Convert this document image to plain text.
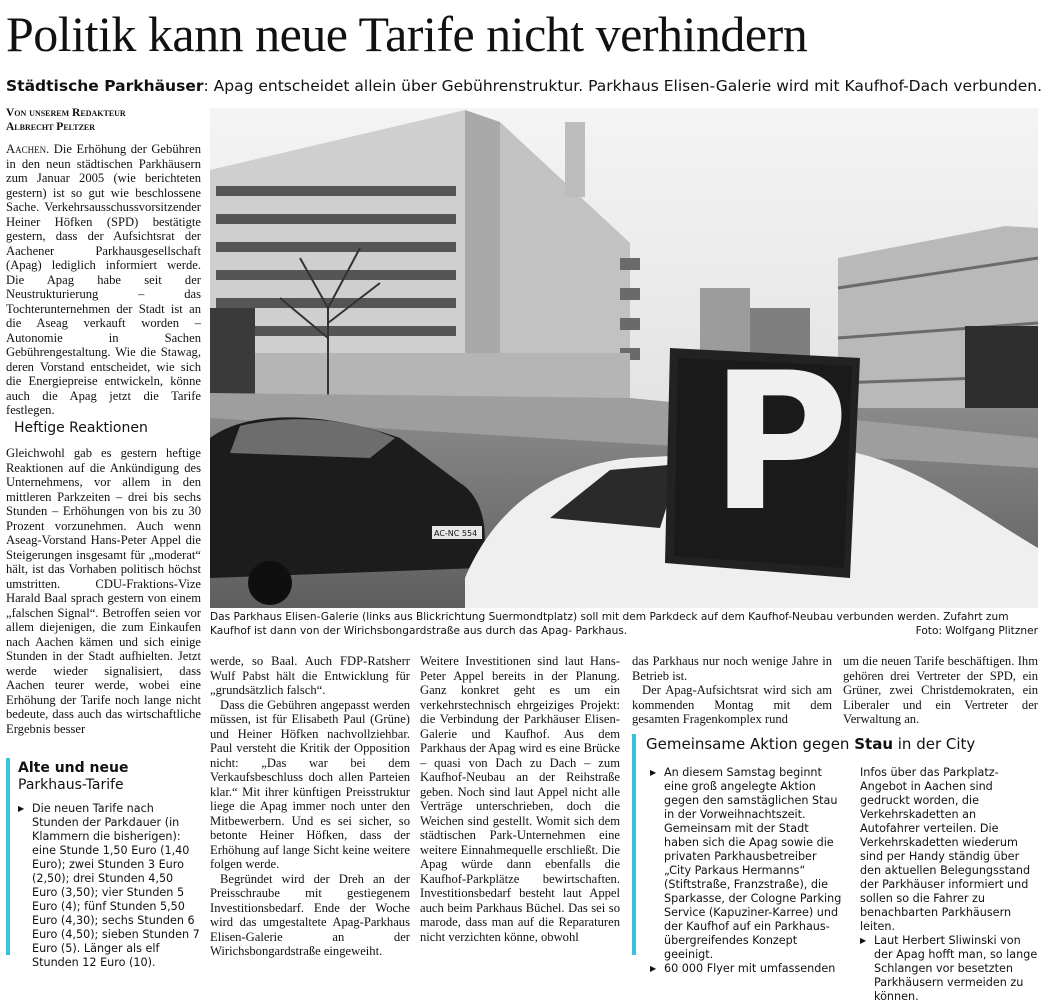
Politik kann neue Tarife nicht verhindern
Städtische Parkhäuser: Apag entscheidet allein über Gebührenstruktur. Parkhaus Elisen-Galerie wird mit Kaufhof-Dach verbunden.
Von unserem Redakteur
Albrecht Peltzer

Aachen. Die Erhöhung der Gebühren in den neun städtischen Parkhäusern zum Januar 2005 (wie berichteten gestern) ist so gut wie beschlossene Sache. Verkehrsausschussvorsitzender Heiner Höfken (SPD) bestätigte gestern, dass der Aufsichtsrat der Aachener Parkhausgesellschaft (Apag) lediglich informiert werde. Die Apag habe seit der Neustrukturierung – das Tochterunternehmen der Stadt ist an die Aseag verkauft worden – Autonomie in Sachen Gebührengestaltung. Wie die Stawag, deren Vorstand entscheidet, wie sich die Energiepreise entwickeln, könne auch die Apag jetzt die Tarife festlegen.

Heftige Reaktionen

Gleichwohl gab es gestern heftige Reaktionen auf die Ankündigung des Unternehmens, vor allem in den mittleren Parkzeiten – drei bis sechs Stunden – Erhöhungen von bis zu 30 Prozent vorzunehmen. Auch wenn Aseag-Vorstand Hans-Peter Appel die Steigerungen insgesamt für „moderat“ hält, ist das Vorhaben politisch höchst umstritten. CDU-Fraktions-Vize Harald Baal sprach gestern von einem „falschen Signal“. Betroffen seien vor allem diejenigen, die zum Einkaufen nach Aachen kämen und sich einige Stunden in der Stadt aufhielten. Jetzt werde wieder signalisiert, dass Aachen teurer werde, wobei eine Erhöhung der Tarife noch lange nicht bedeute, dass auch das wirtschaftliche Ergebnis besser

AC-NC 554 P
Das Parkhaus Elisen-Galerie (links aus Blickrichtung Suermondtplatz) soll mit dem Parkdeck auf dem Kaufhof-Neubau verbunden werden. Zufahrt zum Kaufhof ist dann von der Wirichsbongardstraße aus durch das Apag- Parkhaus.	Foto: Wolfgang Plitzner

werde, so Baal. Auch FDP-Ratsherr Wulf Pabst hält die Entwicklung für „grundsätzlich falsch“.

Dass die Gebühren angepasst werden müssen, ist für Elisabeth Paul (Grüne) und Heiner Höfken nachvollziehbar. Paul versteht die Kritik der Opposition nicht: „Das war bei dem Verkaufsbeschluss doch allen Parteien klar.“ Mit ihrer künftigen Preisstruktur liege die Apag immer noch unter den Mitbewerbern. Und es sei sicher, so betonte Heiner Höfken, dass der Erhöhung auf lange Sicht keine weitere folgen werde.

Begründet wird der Dreh an der Preisschraube mit gestiegenem Investitionsbedarf. Ende der Woche wird das umgestaltete Apag-Parkhaus Elisen-Galerie an der Wirichsbongardstraße eingeweiht.

Weitere Investitionen sind laut Hans-Peter Appel bereits in der Planung. Ganz konkret geht es um ein verkehrstechnisch ehrgeiziges Projekt: die Verbindung der Parkhäuser Elisen-Galerie und Kaufhof. Aus dem Parkhaus der Apag wird es eine Brücke – quasi von Dach zu Dach – zum Kaufhof-Neubau an der Reihstraße geben. Noch sind laut Appel nicht alle Verträge unterschrieben, doch die Weichen sind gestellt. Womit sich dem städtischen Park-Unternehmen eine weitere Einnahmequelle erschließt. Die Apag würde dann ebenfalls die Kaufhof-Parkplätze bewirtschaften. Investitionsbedarf besteht laut Appel auch beim Parkhaus Büchel. Das sei so marode, dass man auf die Reparaturen nicht verzichten könne, obwohl

das Parkhaus nur noch wenige Jahre in Betrieb ist.

Der Apag-Aufsichtsrat wird sich am kommenden Montag mit dem gesamten Fragenkomplex rund

um die neuen Tarife beschäftigen. Ihm gehören drei Vertreter der SPD, ein Grüner, zwei Christdemokraten, ein Liberaler und ein Vertreter der Verwaltung an.

Alte und neue
Parkhaus-Tarife

▶ Die neuen Tarife nach Stunden der Parkdauer (in Klammern die bisherigen): eine Stunde 1,50 Euro (1,40 Euro); zwei Stunden 3 Euro (2,50); drei Stunden 4,50 Euro (3,50); vier Stunden 5 Euro (4); fünf Stunden 5,50 Euro (4,30); sechs Stunden 6 Euro (4,50); sieben Stunden 7 Euro (5). Länger als elf Stunden 12 Euro (10).

Gemeinsame Aktion gegen Stau in der City

▶ An diesem Samstag beginnt eine groß angelegte Aktion gegen den samstäglichen Stau in der Vorweihnachtszeit. Gemeinsam mit der Stadt haben sich die Apag sowie die privaten Parkhausbetreiber „City Parkaus Hermanns“ (Stiftstraße, Franzstraße), die Sparkasse, der Cologne Parking Service (Kapuziner-Karree) und der Kaufhof auf ein Parkhaus-übergreifendes Konzept geeinigt.

▶ 60 000 Flyer mit umfassenden

Infos über das Parkplatz-Angebot in Aachen sind gedruckt worden, die Verkehrskadetten an Autofahrer verteilen. Die Verkehrskadetten wiederum sind per Handy ständig über den aktuellen Belegungsstand der Parkhäuser informiert und sollen so die Fahrer zu benachbarten Parkhäusern leiten.

▶ Laut Herbert Sliwinski von der Apag hofft man, so lange Schlangen vor besetzten Parkhäusern vermeiden zu können.
